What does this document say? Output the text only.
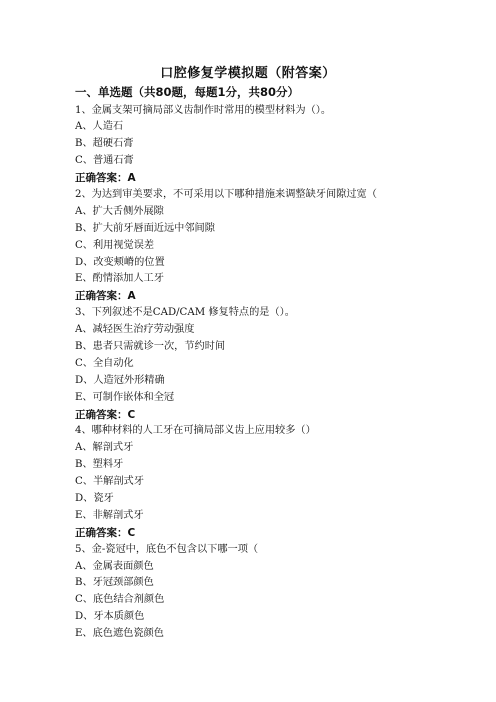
口腔修复学模拟题（附答案）
一、单选题（共80题，每题1分，共80分）
1、金属支架可摘局部义齿制作时常用的模型材料为（）。
A、人造石
B、超硬石膏
C、普通石膏
正确答案：A
2、为达到审美要求，不可采用以下哪种措施来调整缺牙间隙过宽（
A、扩大舌侧外展隙
B、扩大前牙唇面近远中邻间隙
C、利用视觉误差
D、改变颊嵴的位置
E、酌情添加人工牙
正确答案：A
3、下列叙述不是CAD/CAM 修复特点的是（）。
A、减轻医生治疗劳动强度
B、患者只需就诊一次，节约时间
C、全自动化
D、人造冠外形精确
E、可制作嵌体和全冠
正确答案：C
4、哪种材料的人工牙在可摘局部义齿上应用较多（）
A、解剖式牙
B、塑料牙
C、半解剖式牙
D、瓷牙
E、非解剖式牙
正确答案：C
5、金-瓷冠中，底色不包含以下哪一项（
A、金属表面颜色
B、牙冠颈部颜色
C、底色结合剂颜色
D、牙本质颜色
E、底色遮色瓷颜色
